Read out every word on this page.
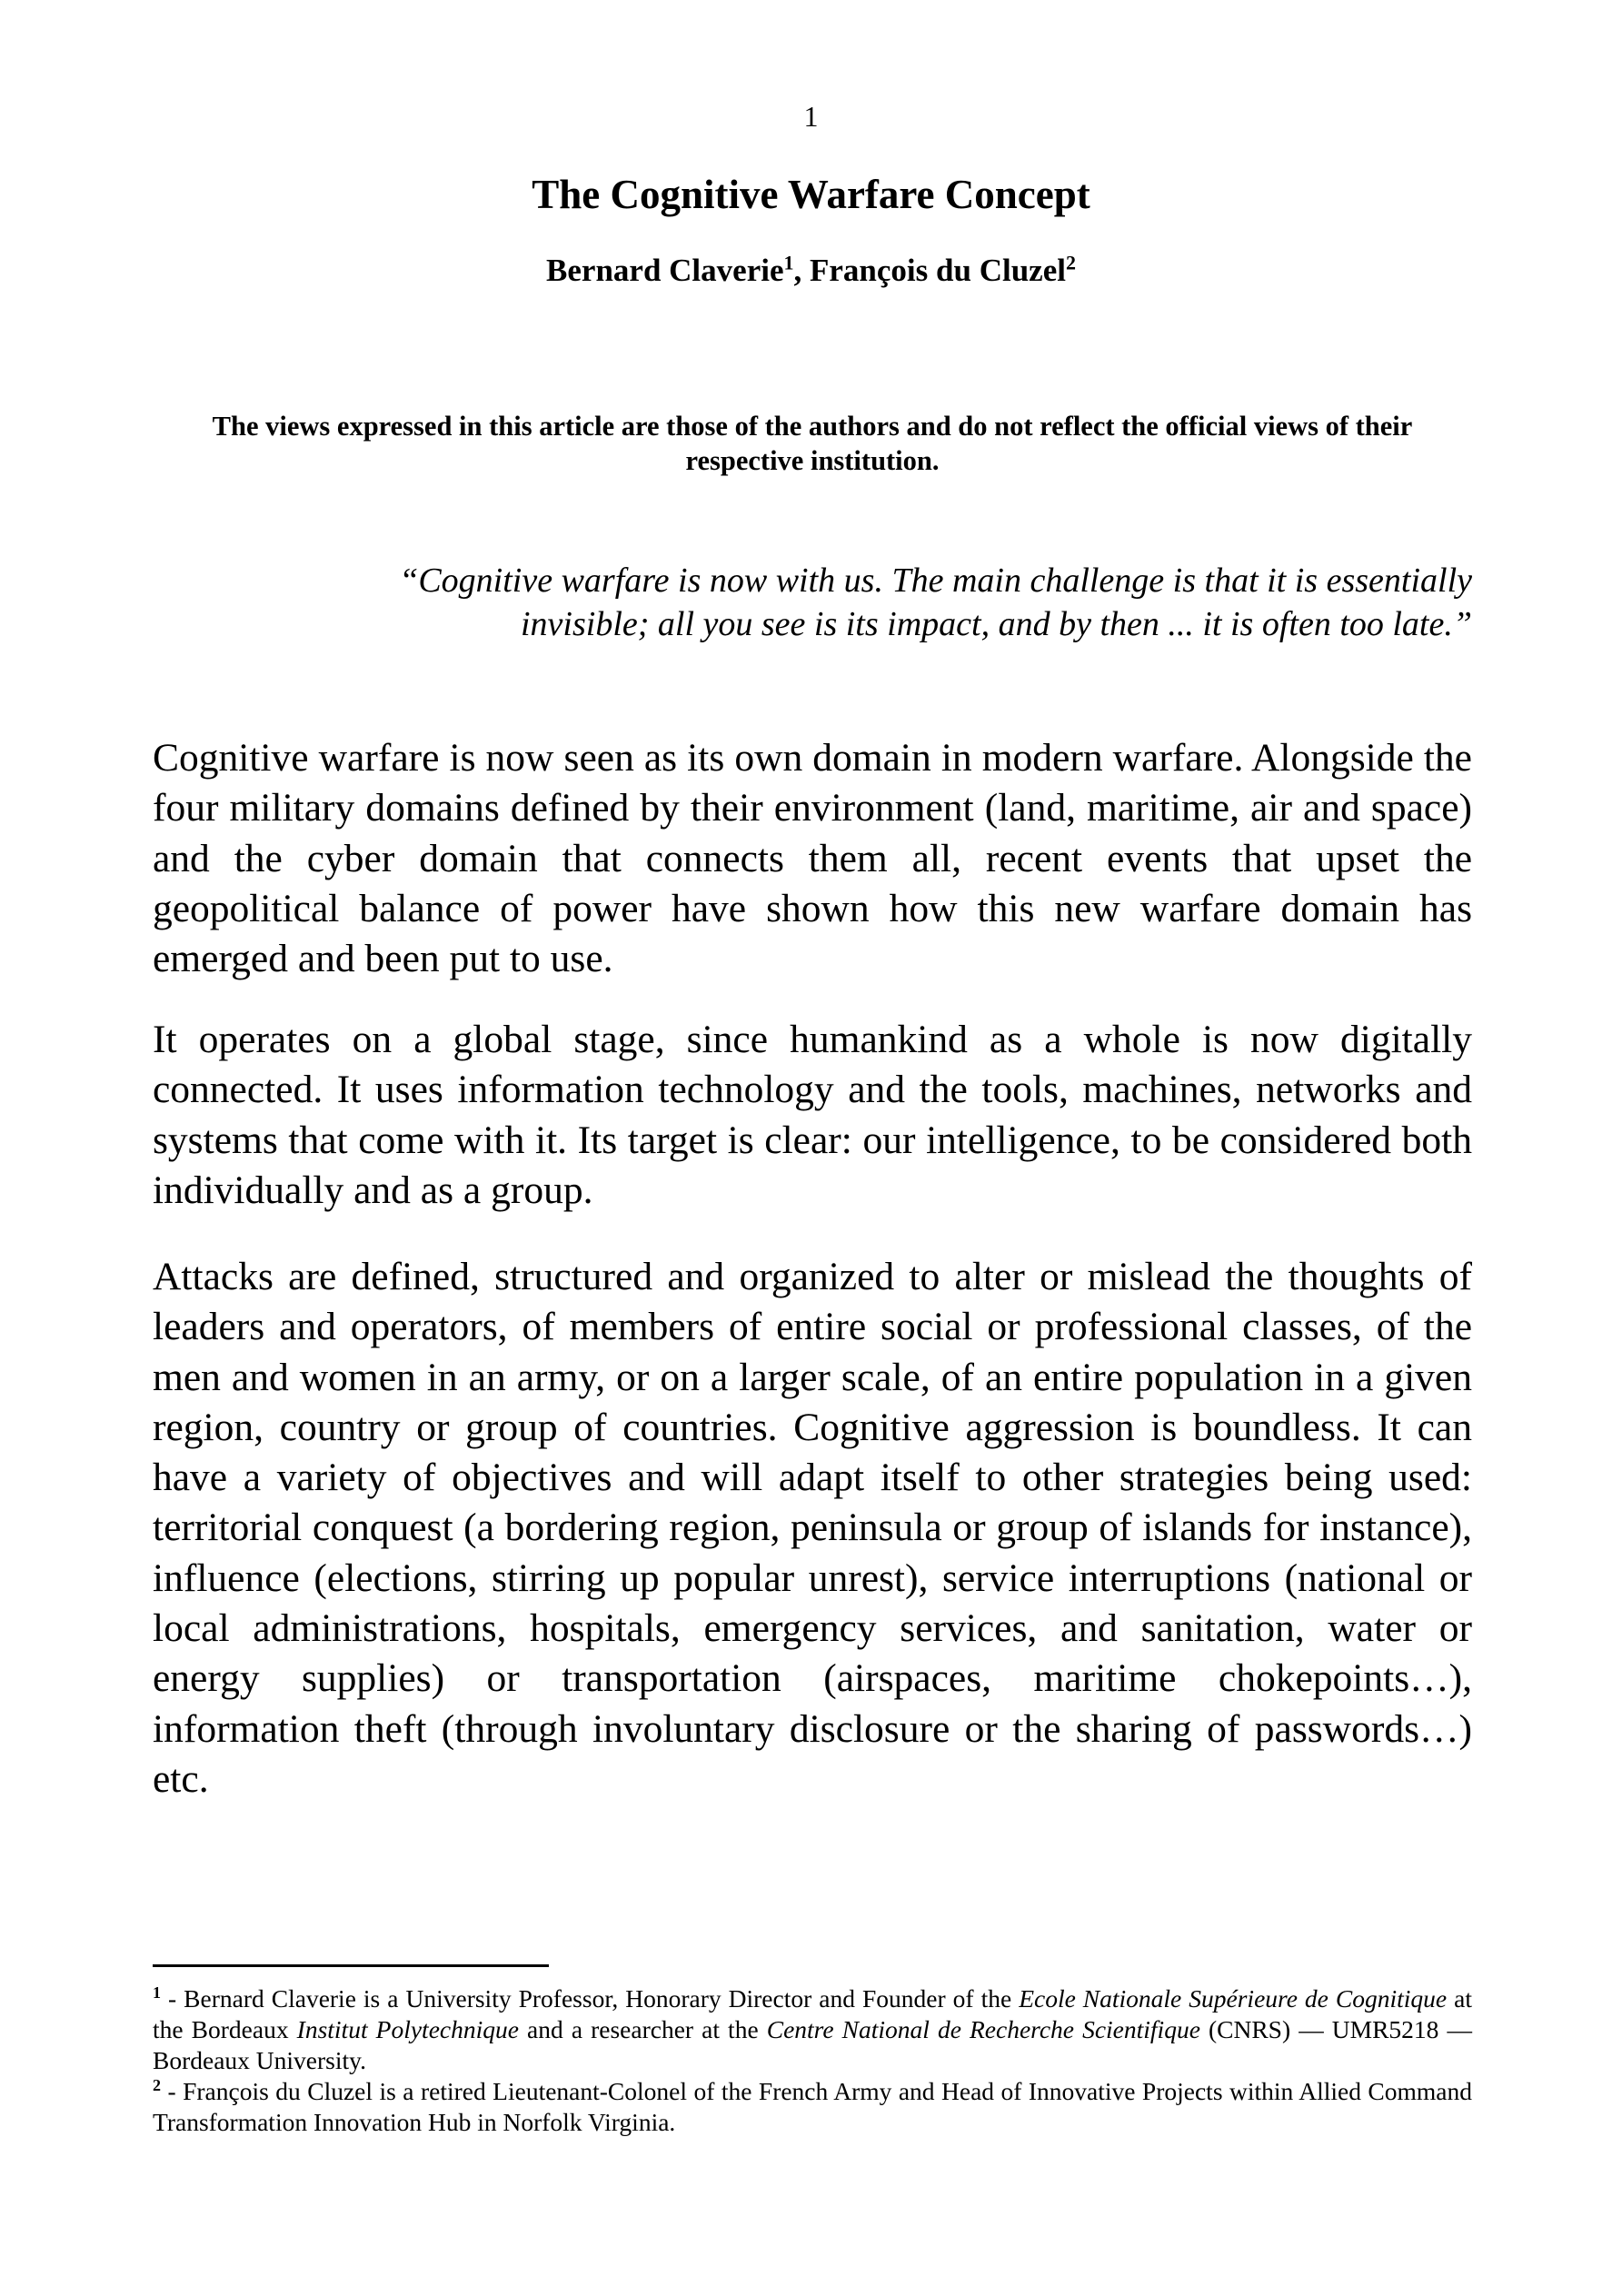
1
The Cognitive Warfare Concept
Bernard Claverie$^1$, François du Cluzel$^2$
The views expressed in this article are those of the authors and do not reflect the official views of their respective institution.
“Cognitive warfare is now with us. The main challenge is that it is essentially
invisible; all you see is its impact, and by then ... it is often too late.”

Cognitive warfare is now seen as its own domain in modern warfare. Alongside the four military domains defined by their environment (land, maritime, air and space) and the cyber domain that connects them all, recent events that upset the geopolitical balance of power have shown how this new warfare domain has emerged and been put to use.

It operates on a global stage, since humankind as a whole is now digitally connected. It uses information technology and the tools, machines, networks and systems that come with it. Its target is clear: our intelligence, to be considered both individually and as a group.

Attacks are defined, structured and organized to alter or mislead the thoughts of leaders and operators, of members of entire social or professional classes, of the men and women in an army, or on a larger scale, of an entire population in a given region, country or group of countries. Cognitive aggression is boundless. It can have a variety of objectives and will adapt itself to other strategies being used: territorial conquest (a bordering region, peninsula or group of islands for instance), influence (elections, stirring up popular unrest), service interruptions (national or local administrations, hospitals, emergency services, and sanitation, water or energy supplies) or transportation (airspaces, maritime chokepoints…), information theft (through involuntary disclosure or the sharing of passwords…) etc.

$^1$ - Bernard Claverie is a University Professor, Honorary Director and Founder of the Ecole Nationale Supérieure de Cognitique at the Bordeaux Institut Polytechnique and a researcher at the Centre National de Recherche Scientifique (CNRS) — UMR5218 — Bordeaux University.

$^2$ - François du Cluzel is a retired Lieutenant-Colonel of the French Army and Head of Innovative Projects within Allied Command Transformation Innovation Hub in Norfolk Virginia.
